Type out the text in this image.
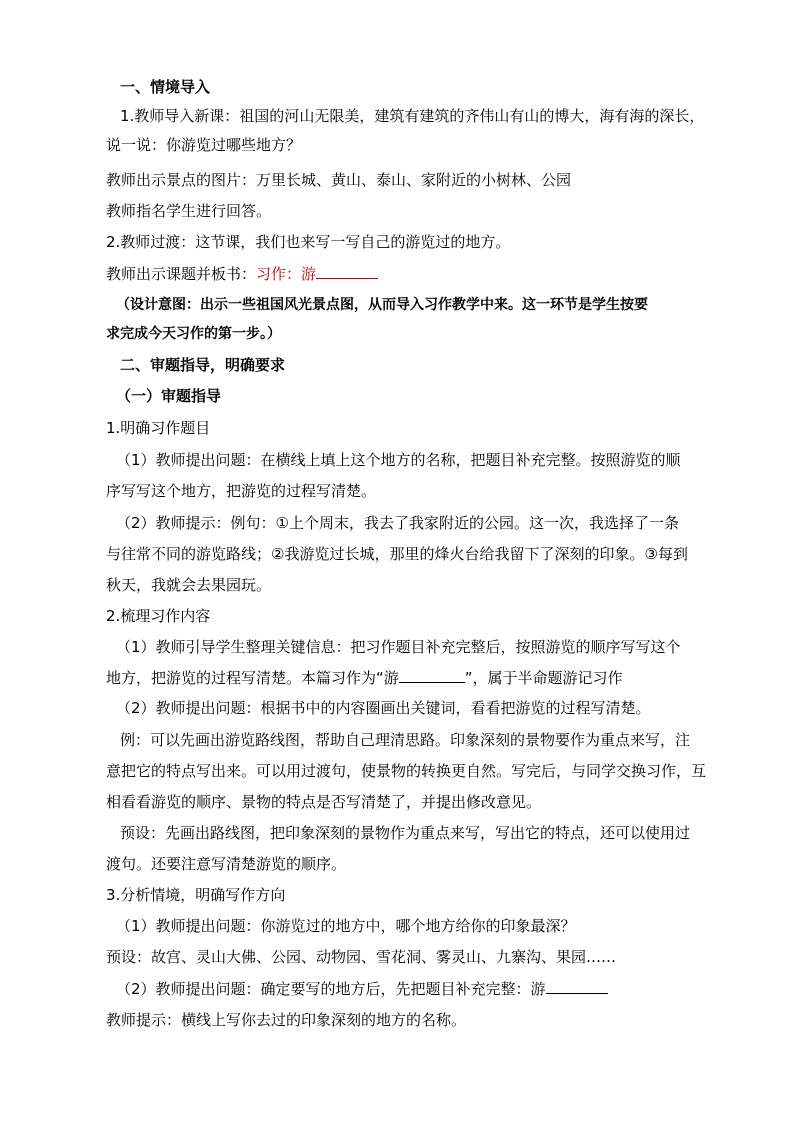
一、情境导入
1.教师导入新课：祖国的河山无限美，建筑有建筑的齐伟山有山的博大，海有海的深长，
说一说：你游览过哪些地方？
教师出示景点的图片：万里长城、黄山、泰山、家附近的小树林、公园
教师指名学生进行回答。
2.教师过渡：这节课，我们也来写一写自己的游览过的地方。
教师出示课题并板书：习作：游
（设计意图：出示一些祖国风光景点图，从而导入习作教学中来。这一环节是学生按要
求完成今天习作的第一步。）
二、审题指导，明确要求
（一）审题指导
1.明确习作题目
（1）教师提出问题：在横线上填上这个地方的名称，把题目补充完整。按照游览的顺
序写写这个地方，把游览的过程写清楚。
（2）教师提示：例句：①上个周末，我去了我家附近的公园。这一次，我选择了一条
与往常不同的游览路线；②我游览过长城，那里的烽火台给我留下了深刻的印象。③每到
秋天，我就会去果园玩。
2.梳理习作内容
（1）教师引导学生整理关键信息：把习作题目补充完整后，按照游览的顺序写写这个
地方，把游览的过程写清楚。本篇习作为“游	”，属于半命题游记习作
（2）教师提出问题：根据书中的内容圈画出关键词，看看把游览的过程写清楚。
例：可以先画出游览路线图，帮助自己理清思路。印象深刻的景物要作为重点来写，注
意把它的特点写出来。可以用过渡句，使景物的转换更自然。写完后，与同学交换习作，互
相看看游览的顺序、景物的特点是否写清楚了，并提出修改意见。
预设：先画出路线图，把印象深刻的景物作为重点来写，写出它的特点，还可以使用过
渡句。还要注意写清楚游览的顺序。
3.分析情境，明确写作方向
（1）教师提出问题：你游览过的地方中，哪个地方给你的印象最深？
预设：故宫、灵山大佛、公园、动物园、雪花洞、雾灵山、九寨沟、果园……
（2）教师提出问题：确定要写的地方后，先把题目补充完整：游
教师提示：横线上写你去过的印象深刻的地方的名称。
